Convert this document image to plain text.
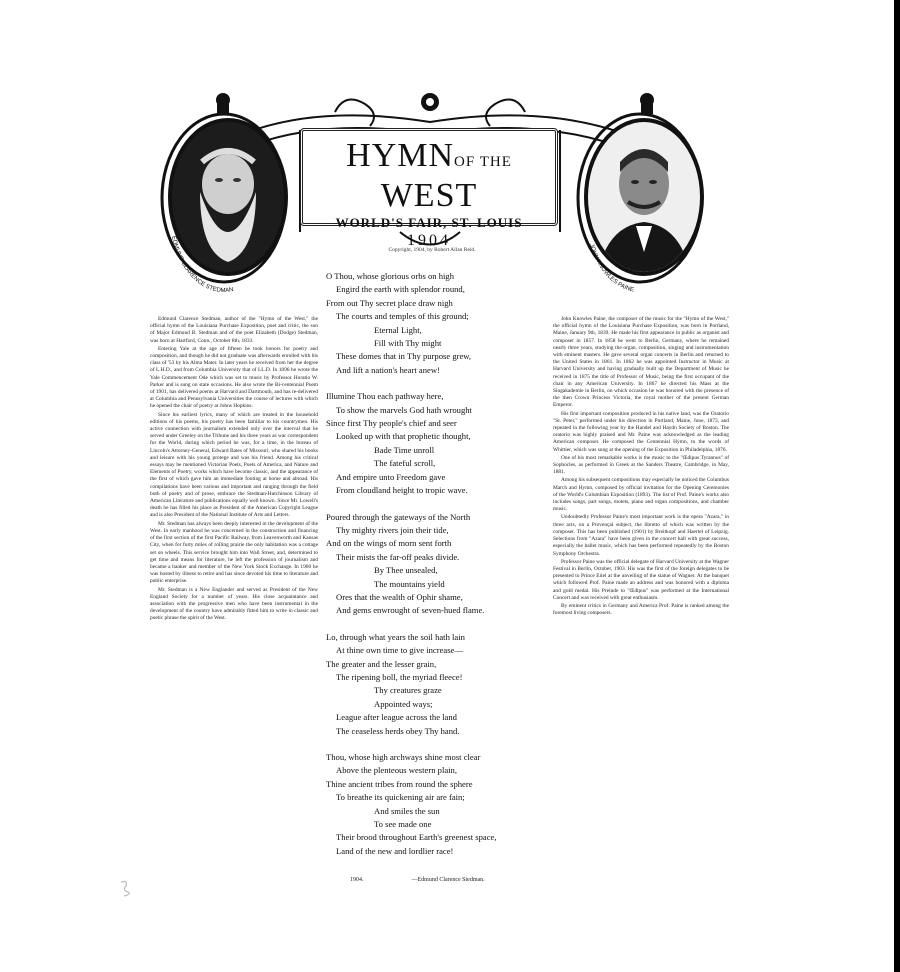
EDMUND CLARENCE STEDMAN
JOHN KNOWLES PAINE
HYMNOF THE WEST
WORLD'S FAIR, ST. LOUIS
1904
Copyright, 1904, by Robert Allan Reid.

Edmund Clarence Stedman, author of the "Hymn of the West," the official hymn of the Louisiana Purchase Exposition, poet and critic, the son of Major Edmund B. Stedman and of the poet Elizabeth (Dodge) Stedman, was born at Hartford, Conn., October 8th, 1833.

Entering Yale at the age of fifteen he took honors for poetry and composition, and though he did not graduate was afterwards enrolled with his class of '53 by his Alma Mater. In later years he received from her the degree of L.H.D., and from Columbia University that of LL.D. In 1896 he wrote the Yale Commencement Ode which was set to music by Professor Horatio W. Parker and is sung on state occasions. He also wrote the Bi-centennial Poem of 1901, has delivered poems at Harvard and Dartmouth, and has re-delivered at Columbia and Pennsylvania Universities the course of lectures with which he opened the chair of poetry at Johns Hopkins.

Since his earliest lyrics, many of which are treated in the household editions of his poems, his poetry has been familiar to his countrymen. His active connection with journalism extended only over the interval that he served under Greeley on the Tribune and his three years as war correspondent for the World, during which period he was, for a time, in the bureau of Lincoln's Attorney-General, Edward Bates of Missouri, who shared his books and leisure with his young protege and was his friend. Among his critical essays may be mentioned Victorian Poets, Poets of America, and Nature and Elements of Poetry, works which have become classic, and the appearance of the first of which gave him an immediate footing at home and abroad. His compilations have been various and important and ranging through the field both of poetry and of prose, embrace the Stedman-Hutchinson Library of American Literature and publications equally well known. Since Mr. Lowell's death he has filled his place as President of the American Copyright League and is also President of the National Institute of Arts and Letters.

Mr. Stedman has always been deeply interested in the development of the West. In early manhood he was concerned in the construction and financing of the first section of the first Pacific Railway, from Leavenworth and Kansas City, when for forty miles of rolling prairie the only habitation was a cottage set on wheels. This service brought him into Wall Street, and, determined to get time and means for literature, he left the profession of journalism and became a banker and member of the New York Stock Exchange. In 1900 he was hosted by illness to retire and has since devoted his time to literature and public enterprise.

Mr. Stedman is a New Englander and served as President of the New England Society for a number of years. His close acquaintance and association with the progressive men who have been instrumental in the development of the country have admirably fitted him to write in classic and poetic phrase the spirit of the West.

O Thou, whose glorious orbs on high
Engird the earth with splendor round,
From out Thy secret place draw nigh
The courts and temples of this ground;
Eternal Light,
Fill with Thy might
These domes that in Thy purpose grew,
And lift a nation's heart anew!
Illumine Thou each pathway here,
To show the marvels God hath wrought
Since first Thy people's chief and seer
Looked up with that prophetic thought,
Bade Time unroll
The fateful scroll,
And empire unto Freedom gave
From cloudland height to tropic wave.
Poured through the gateways of the North
Thy mighty rivers join their tide,
And on the wings of morn sent forth
Their mists the far-off peaks divide.
By Thee unsealed,
The mountains yield
Ores that the wealth of Ophir shame,
And gems enwrought of seven-hued flame.
Lo, through what years the soil hath lain
At thine own time to give increase—
The greater and the lesser grain,
The ripening boll, the myriad fleece!
Thy creatures graze
Appointed ways;
League after league across the land
The ceaseless herds obey Thy hand.
Thou, whose high archways shine most clear
Above the plenteous western plain,
Thine ancient tribes from round the sphere
To breathe its quickening air are fain;
And smiles the sun
To see made one
Their brood throughout Earth's greenest space,
Land of the new and lordlier race!

John Knowles Paine, the composer of the music for the "Hymn of the West," the official hymn of the Louisiana Purchase Exposition, was born in Portland, Maine, January 9th, 1839. He made his first appearance in public as organist and composer in 1857. In 1858 he went to Berlin, Germany, where he remained nearly three years, studying the organ, composition, singing and instrumentation with eminent masters. He gave several organ concerts in Berlin and returned to the United States in 1861. In 1862 he was appointed Instructor in Music at Harvard University and having gradually built up the Department of Music he received in 1875 the title of Professor of Music, being the first occupant of the chair in any American University. In 1867 he directed his Mass at the Singakademie in Berlin, on which occasion he was honored with the presence of the then Crown Princess Victoria, the royal mother of the present German Emperor.

His first important composition produced in his native land, was the Oratorio "St. Peter," performed under his direction in Portland, Maine, June, 1873, and repeated in the following year by the Handel and Haydn Society of Boston. The oratorio was highly praised and Mr. Paine was acknowledged as the leading American composer. He composed the Centennial Hymn, to the words of Whittier, which was sung at the opening of the Exposition in Philadelphia, 1876.

One of his most remarkable works is the music to the "Œdipus Tyrannus" of Sophocles, as performed in Greek at the Sanders Theatre, Cambridge, in May, 1881.

Among his subsequent compositions may especially be noticed the Columbus March and Hymn, composed by official invitation for the Opening Ceremonies of the World's Columbian Exposition (1893). The list of Prof. Paine's works also includes songs, part songs, motets, piano and organ compositions, and chamber music.

Undoubtedly Professor Paine's most important work is the opera "Azara," in three acts, on a Provençal subject, the libretto of which was written by the composer. This has been published (1901) by Breitkopf and Haertel of Leipzig. Selections from "Azara" have been given in the concert hall with great success, especially the ballet music, which has been performed repeatedly by the Boston Symphony Orchestra.

Professor Paine was the official delegate of Harvard University at the Wagner Festival in Berlin, October, 1903. His was the first of the foreign delegates to be presented to Prince Eitel at the unveiling of the statue of Wagner. At the banquet which followed Prof. Paine made an address and was honored with a diploma and gold medal. His Prelude to "Œdipus" was performed at the International Concert and was received with great enthusiasm.

By eminent critics in Germany and America Prof. Paine is ranked among the foremost living composers.

1904.	—Edmund Clarence Stedman.
